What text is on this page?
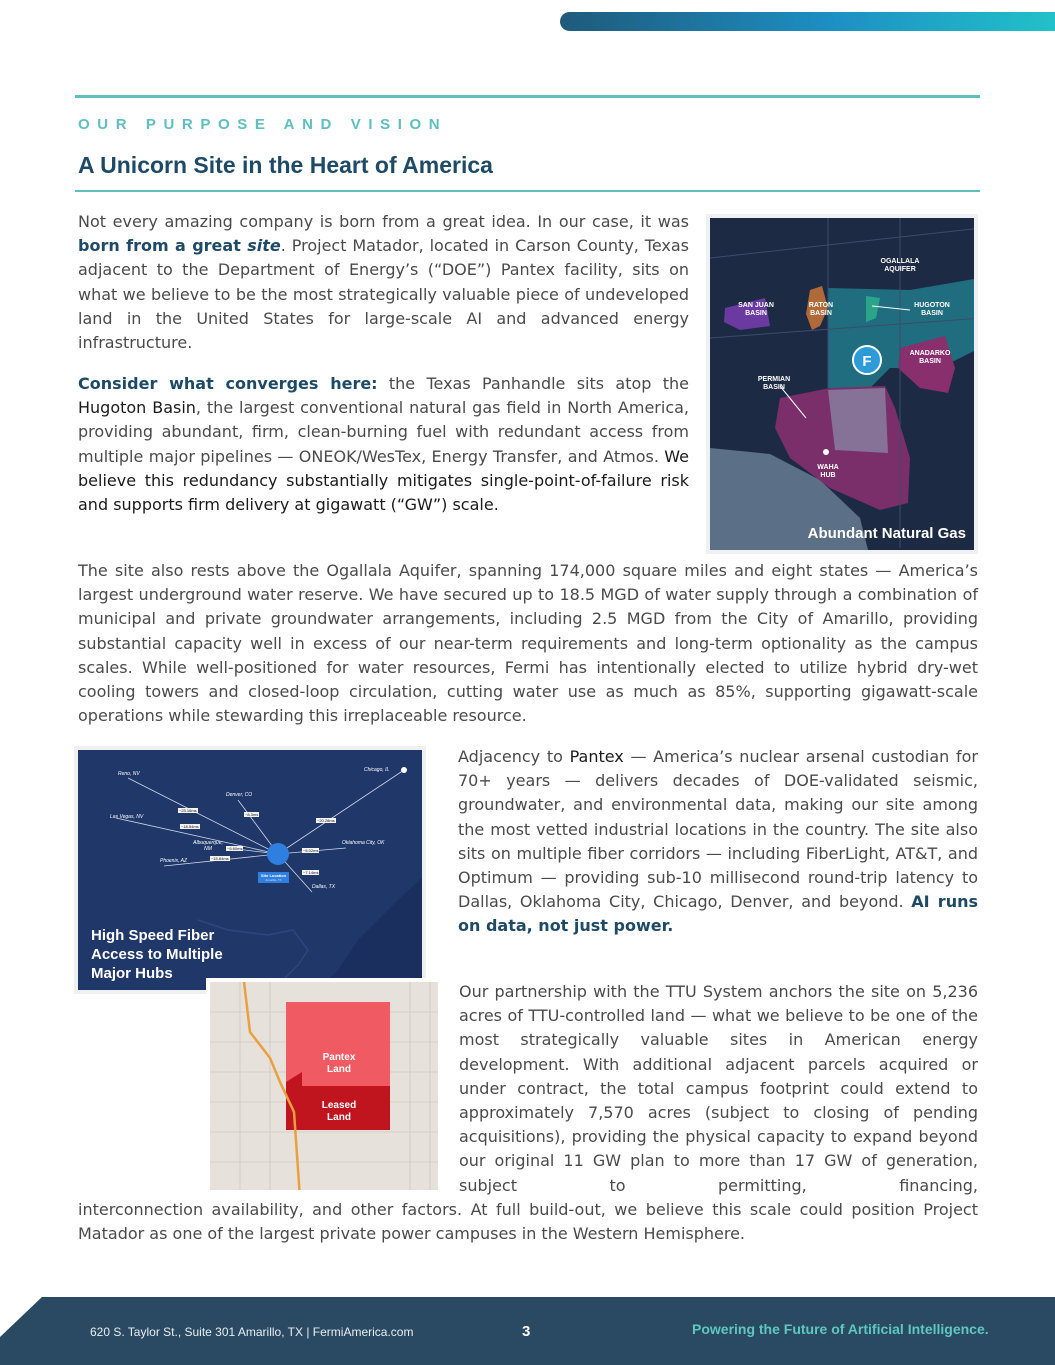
OUR PURPOSE AND VISION
A Unicorn Site in the Heart of America

Not every amazing company is born from a great idea. In our case, it was born from a great site. Project Matador, located in Carson County, Texas adjacent to the Department of Energy’s (“DOE”) Pantex facility, sits on what we believe to be the most strategically valuable piece of undeveloped land in the United States for large-scale AI and advanced energy infrastructure.

Consider what converges here: the Texas Panhandle sits atop the Hugoton Basin, the largest conventional natural gas field in North America, providing abundant, firm, clean-burning fuel with redundant access from multiple major pipelines — ONEOK/WesTex, Energy Transfer, and Atmos. We believe this redundancy substantially mitigates single-point-of-failure risk and supports firm delivery at gigawatt (“GW”) scale.

F
OGALLALA AQUIFER
SAN JUAN BASIN
RATON BASIN
HUGOTON BASIN
ANADARKO BASIN
PERMIAN BASIN
WAHA HUB
Abundant Natural Gas

The site also rests above the Ogallala Aquifer, spanning 174,000 square miles and eight states — America’s largest underground water reserve. We have secured up to 18.5 MGD of water supply through a combination of municipal and private groundwater arrangements, including 2.5 MGD from the City of Amarillo, providing substantial capacity well in excess of our near-term requirements and long-term optionality as the campus scales. While well-positioned for water resources, Fermi has intentionally elected to utilize hybrid dry-wet cooling towers and closed-loop circulation, cutting water use as much as 85%, supporting gigawatt-scale operations while stewarding this irreplaceable resource.

Reno, NV
Chicago, IL
Denver, CO
Las Vegas, NV
Albuquerque, NM
Oklahoma City, OK
Phoenix, AZ
Dallas, TX
~23.16ms
~18.54ms
~5.60ms
~15.84ms
~8.3ms
~20.28ms
~5.02ms
~7.14ms
Site Location
Amarillo, TX
High Speed Fiber
Access to Multiple
Major Hubs

Adjacency to Pantex — America’s nuclear arsenal custodian for 70+ years — delivers decades of DOE-validated seismic, groundwater, and environmental data, making our site among the most vetted industrial locations in the country. The site also sits on multiple fiber corridors — including FiberLight, AT&T, and Optimum — providing sub-10 millisecond round-trip latency to Dallas, Oklahoma City, Chicago, Denver, and beyond. AI runs on data, not just power.

Pantex
Land
Leased
Land

Our partnership with the TTU System anchors the site on 5,236 acres of TTU-controlled land — what we believe to be one of the most strategically valuable sites in American energy development. With additional adjacent parcels acquired or under contract, the total campus footprint could extend to approximately 7,570 acres (subject to closing of pending acquisitions), providing the physical capacity to expand beyond our original 11 GW plan to more than 17 GW of generation, subject to permitting, financing,

interconnection availability, and other factors. At full build-out, we believe this scale could position Project Matador as one of the largest private power campuses in the Western Hemisphere.

620 S. Taylor St., Suite 301 Amarillo, TX | FermiAmerica.com	3	Powering the Future of Artificial Intelligence.
